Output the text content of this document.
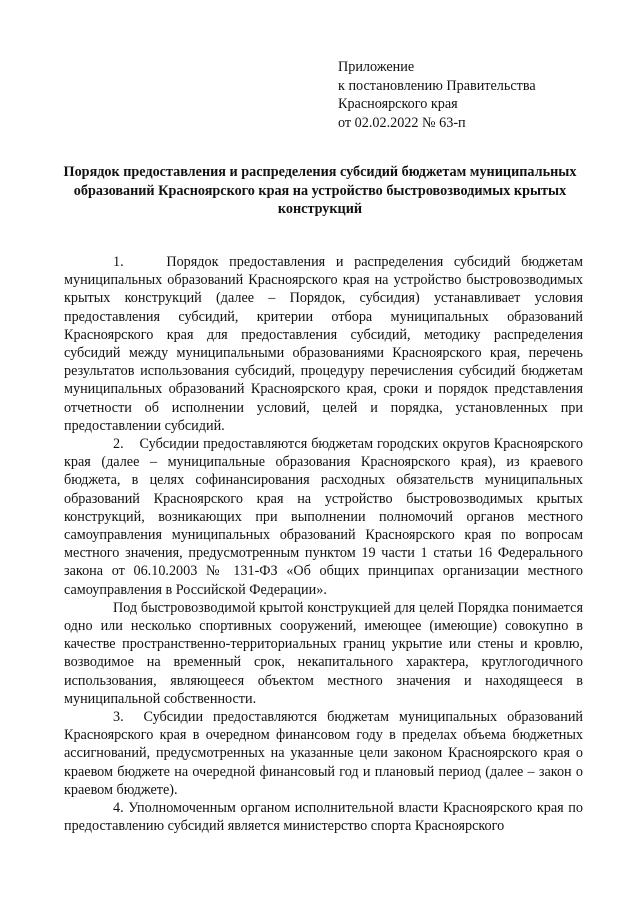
Приложение
к постановлению Правительства
Красноярского края
от 02.02.2022 № 63-п
Порядок предоставления и распределения субсидий бюджетам муниципальных образований Красноярского края на устройство быстровозводимых крытых конструкций

1.    Порядок предоставления и распределения субсидий бюджетам муниципальных образований Красноярского края на устройство быстровозводимых крытых конструкций (далее – Порядок, субсидия) устанавливает условия предоставления субсидий, критерии отбора муниципальных образований Красноярского края для предоставления субсидий, методику распределения субсидий между муниципальными образованиями Красноярского края, перечень результатов использования субсидий, процедуру перечисления субсидий бюджетам муниципальных образований Красноярского края, сроки и порядок представления отчетности об исполнении условий, целей и порядка, установленных при предоставлении субсидий.

2.    Субсидии предоставляются бюджетам городских округов Красноярского края (далее – муниципальные образования Красноярского края), из краевого бюджета, в целях софинансирования расходных обязательств муниципальных образований Красноярского края на устройство быстровозводимых крытых конструкций, возникающих при выполнении полномочий органов местного самоуправления муниципальных образований Красноярского края по вопросам местного значения, предусмотренным пунктом 19 части 1 статьи 16 Федерального закона от 06.10.2003 № 131-ФЗ «Об общих принципах организации местного самоуправления в Российской Федерации».

Под быстровозводимой крытой конструкцией для целей Порядка понимается одно или несколько спортивных сооружений, имеющее (имеющие) совокупно в качестве пространственно-территориальных границ укрытие или стены и кровлю, возводимое на временный срок, некапитального характера, круглогодичного использования, являющееся объектом местного значения и находящееся в муниципальной собственности.

3.  Субсидии предоставляются бюджетам муниципальных образований Красноярского края в очередном финансовом году в пределах объема бюджетных ассигнований, предусмотренных на указанные цели законом Красноярского края о краевом бюджете на очередной финансовый год и плановый период (далее – закон о краевом бюджете).

4. Уполномоченным органом исполнительной власти Красноярского края по предоставлению субсидий является министерство спорта Красноярского
